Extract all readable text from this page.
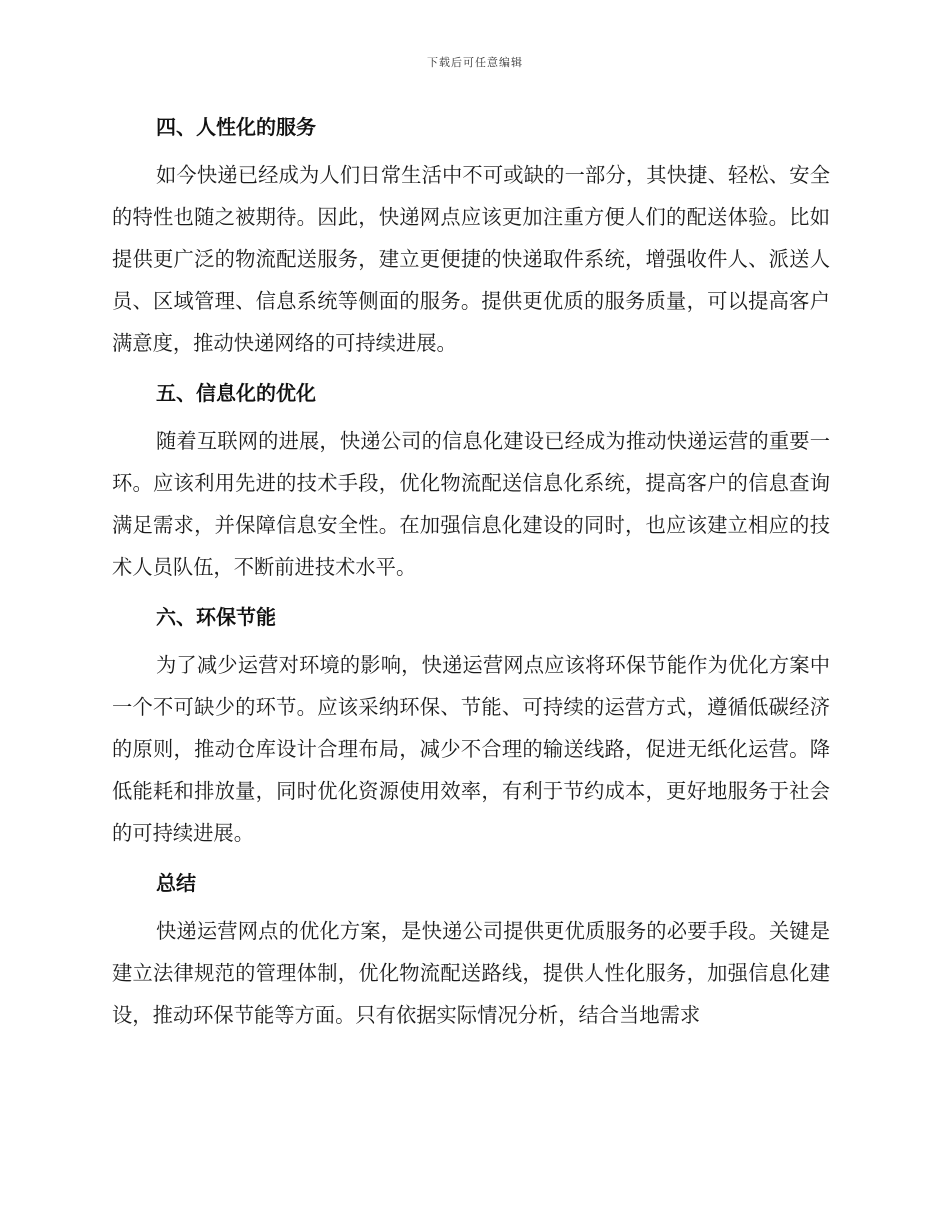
下载后可任意编辑
四、人性化的服务

如今快递已经成为人们日常生活中不可或缺的一部分，其快捷、轻松、安全的特性也随之被期待。因此，快递网点应该更加注重方便人们的配送体验。比如提供更广泛的物流配送服务，建立更便捷的快递取件系统，增强收件人、派送人员、区域管理、信息系统等侧面的服务。提供更优质的服务质量，可以提高客户满意度，推动快递网络的可持续进展。

五、信息化的优化

随着互联网的进展，快递公司的信息化建设已经成为推动快递运营的重要一环。应该利用先进的技术手段，优化物流配送信息化系统，提高客户的信息查询满足需求，并保障信息安全性。在加强信息化建设的同时，也应该建立相应的技术人员队伍，不断前进技术水平。

六、环保节能

为了减少运营对环境的影响，快递运营网点应该将环保节能作为优化方案中一个不可缺少的环节。应该采纳环保、节能、可持续的运营方式，遵循低碳经济的原则，推动仓库设计合理布局，减少不合理的输送线路，促进无纸化运营。降低能耗和排放量，同时优化资源使用效率，有利于节约成本，更好地服务于社会的可持续进展。

总结

快递运营网点的优化方案，是快递公司提供更优质服务的必要手段。关键是建立法律规范的管理体制，优化物流配送路线，提供人性化服务，加强信息化建设，推动环保节能等方面。只有依据实际情况分析，结合当地需求
